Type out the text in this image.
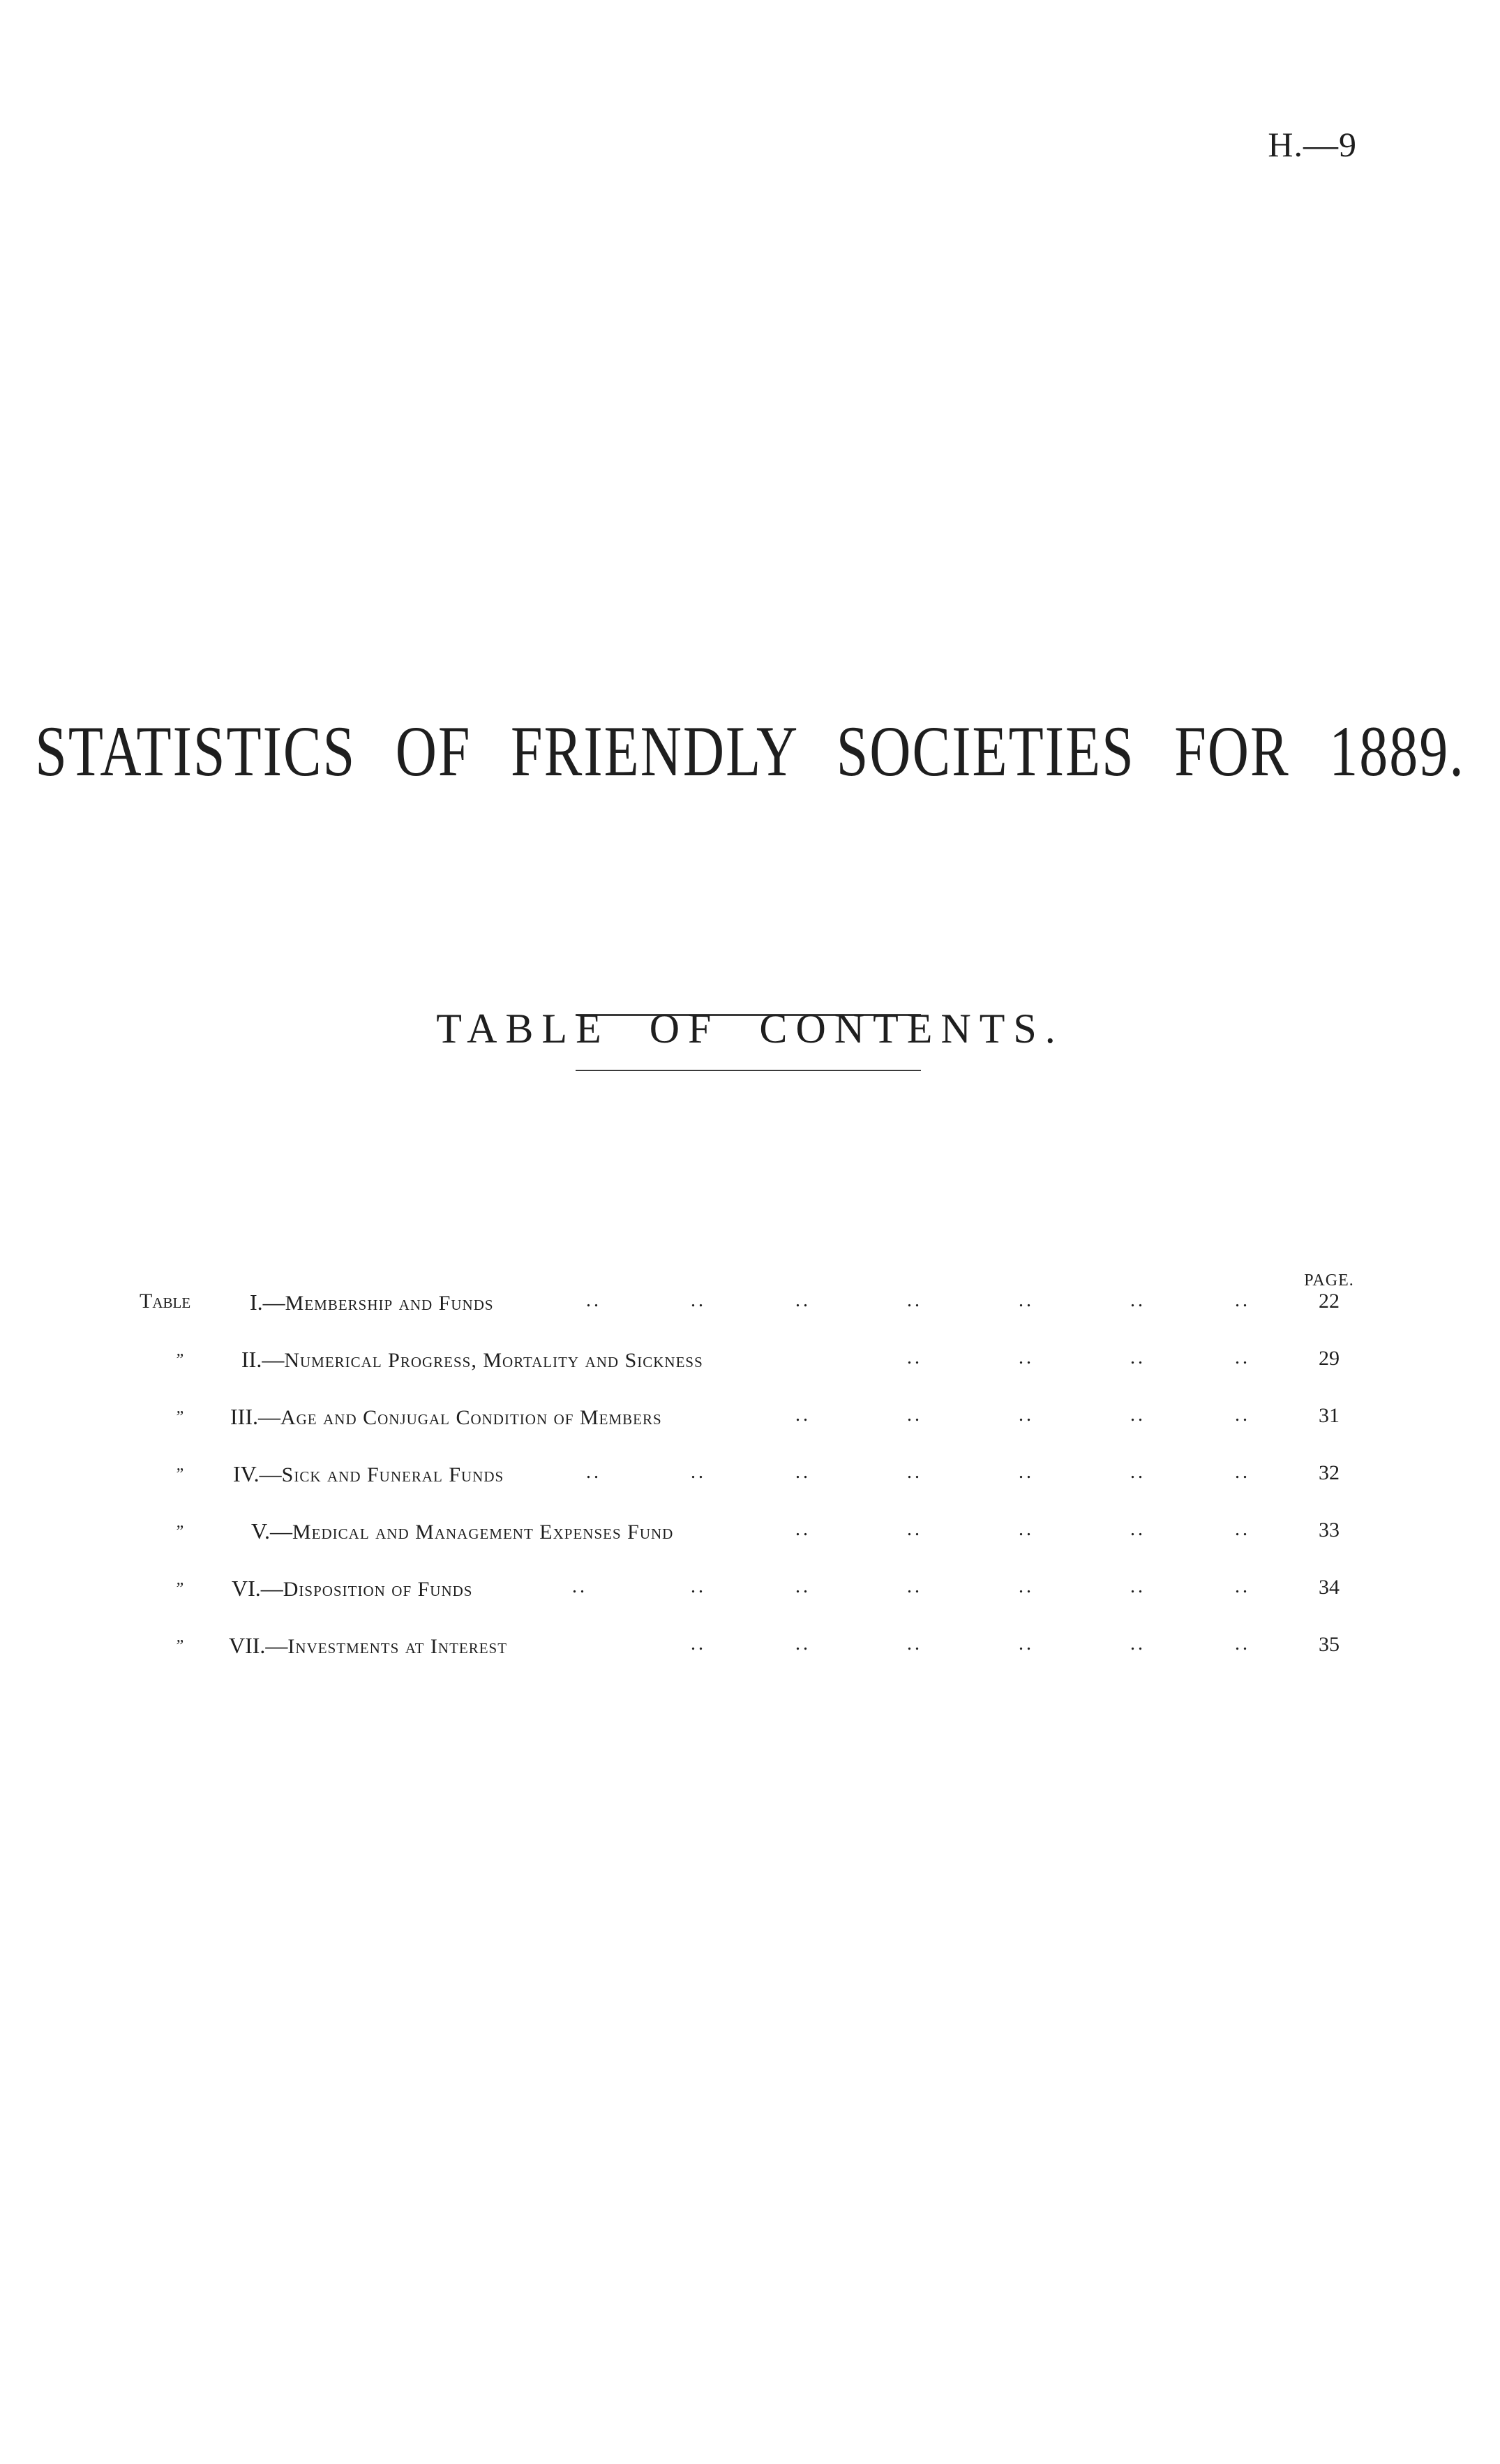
H.—9
STATISTICS OF FRIENDLY SOCIETIES FOR 1889.
TABLE OF CONTENTS.
PAGE.
Table	I.—Membership and Funds	..	..	..	..	..	..	..	22
”	II.—Numerical Progress, Mortality and Sickness	..	..	..	..	29
” III.—Age and Conjugal Condition of Members	..	..	..	..	..	31
” IV.—Sick and Funeral Funds	..	..	..	..	..	..	..	32
”	V.—Medical and Management Expenses Fund	..	..	..	..	..	33
” VI.—Disposition of Funds	..	..	..	..	..	..	..	34
” VII.—Investments at Interest	..	..	..	..	..	..	35
